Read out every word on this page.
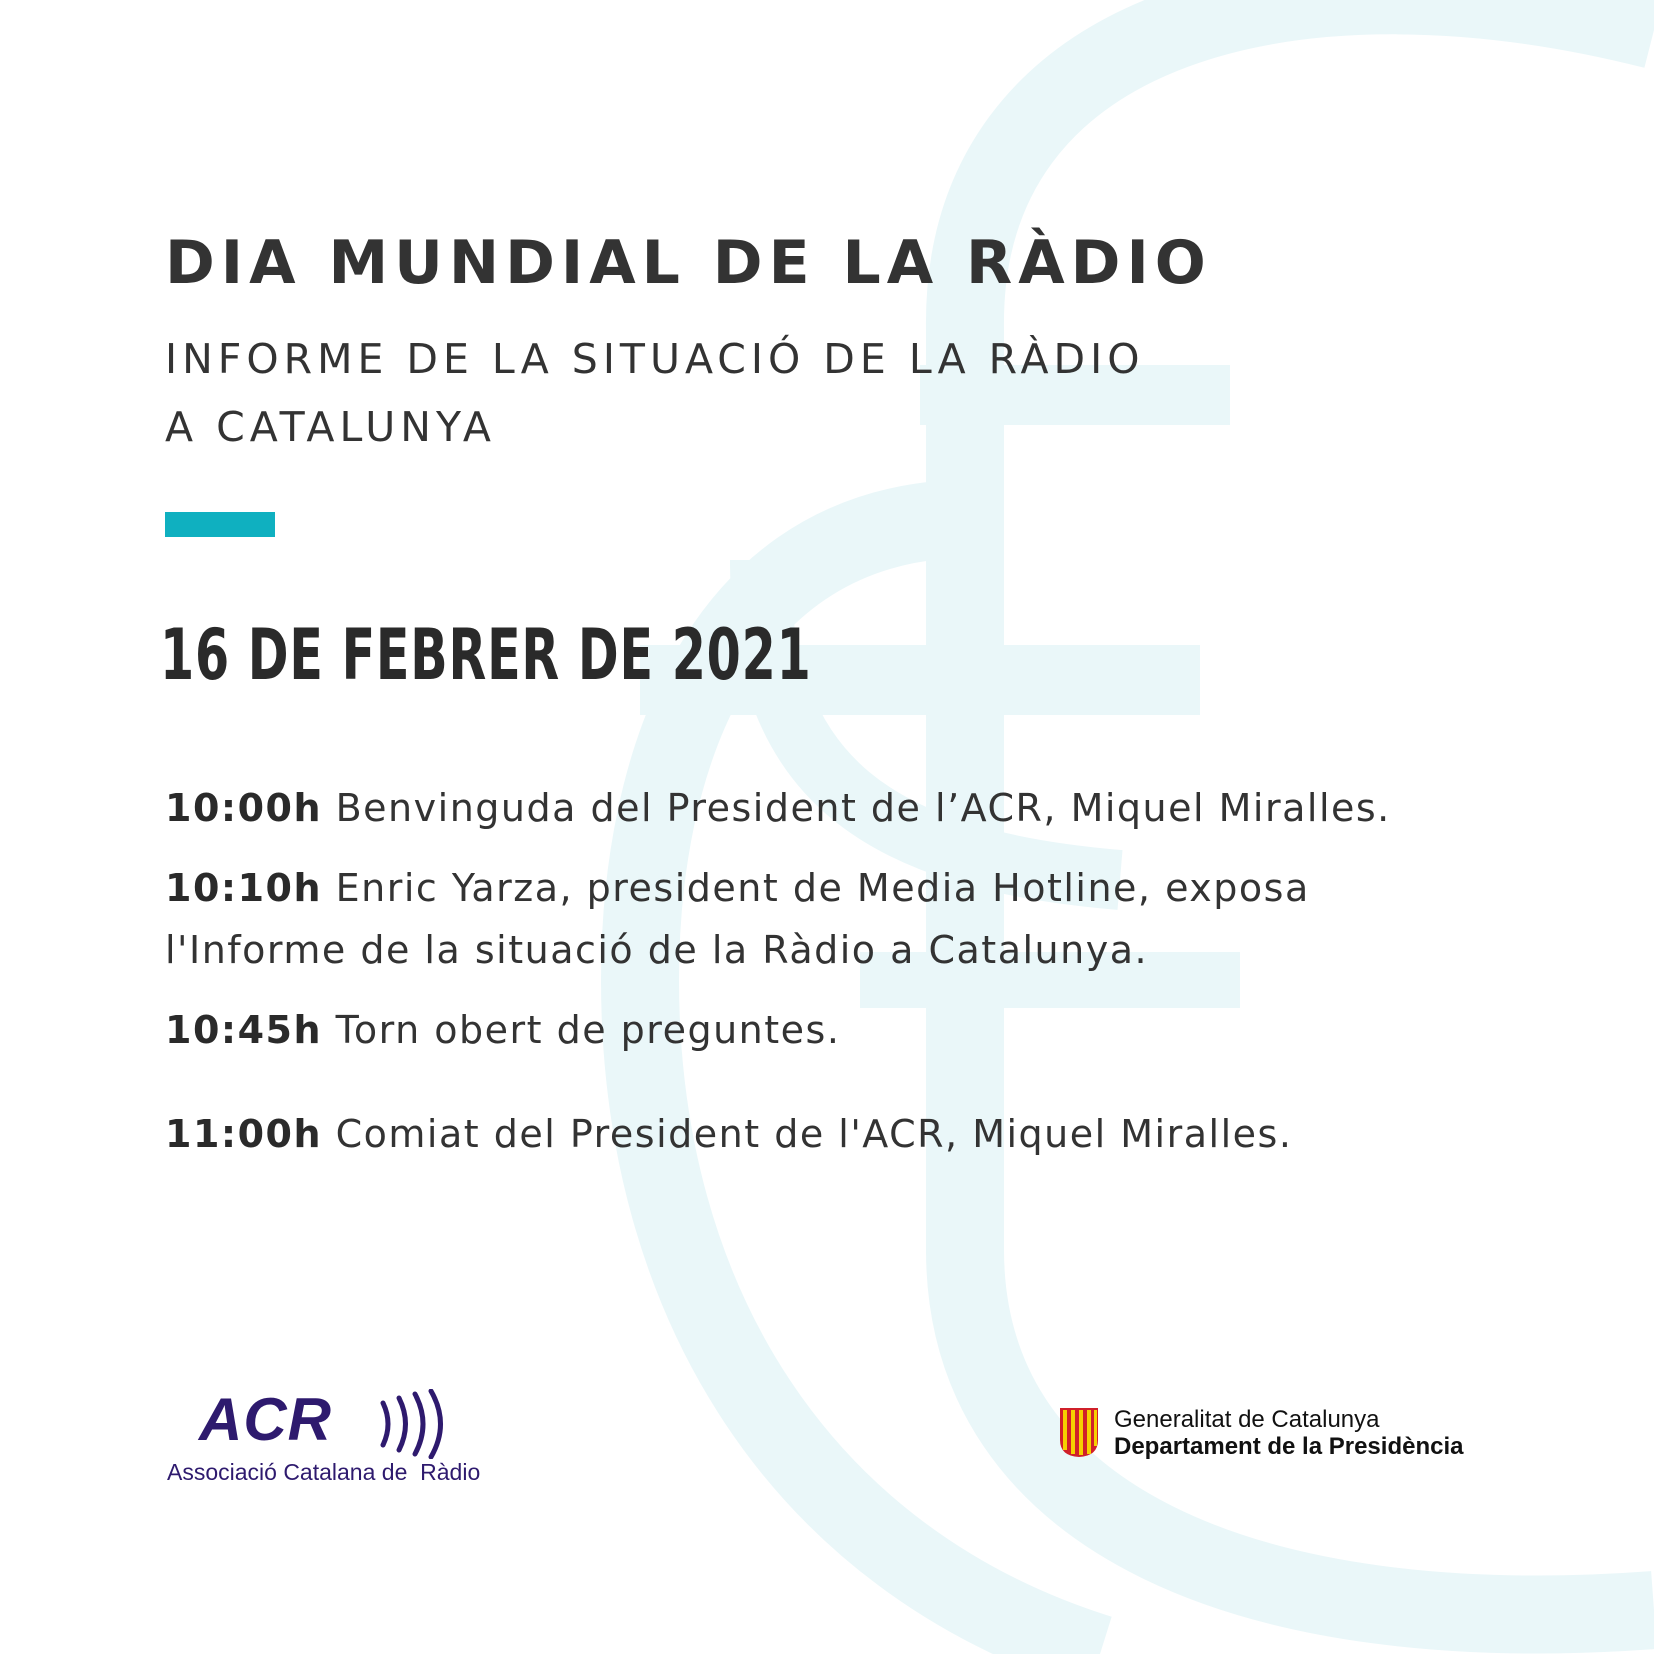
DIA MUNDIAL DE LA RÀDIO
INFORME DE LA SITUACIÓ DE LA RÀDIO
A CATALUNYA
16 DE FEBRER DE 2021
10:00h Benvinguda del President de l’ACR, Miquel Miralles.
10:10h Enric Yarza, president de Media Hotline, exposa l'Informe de la situació de la Ràdio a Catalunya.
10:45h Torn obert de preguntes.
11:00h Comiat del President de l'ACR, Miquel Miralles.
ACR
Associació Catalana de  Ràdio
Generalitat de Catalunya
Departament de la Presidència
